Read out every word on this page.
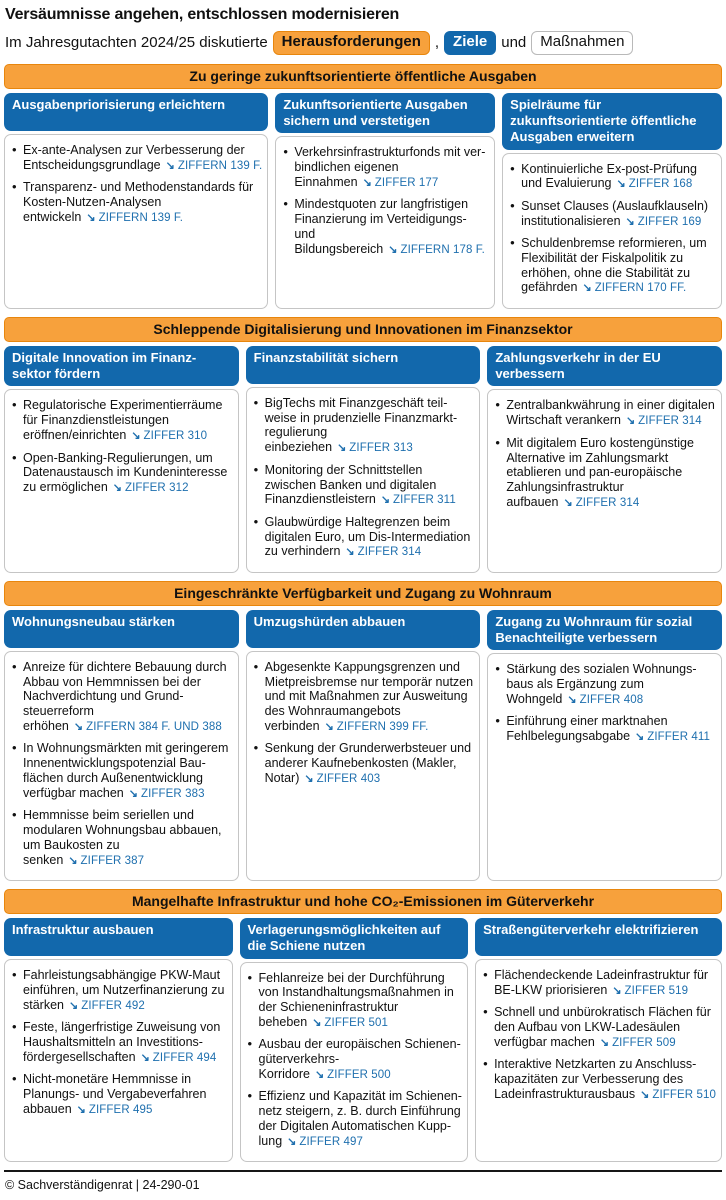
Versäumnisse angehen, entschlossen modernisieren

Im Jahresgutachten 2024/25 diskutierte Herausforderungen , Ziele und Maßnahmen

Zu geringe zukunftsorientierte öffentliche Ausgaben
Ausgabenpriorisierung erleichtern
• Ex-ante-Analysen zur Verbesserung der Entscheidungsgrundlage ↘ ZIFFERN 139 F.
• Transparenz- und Methodenstandards für Kosten-Nutzen-Analysen entwickeln ↘ ZIFFERN 139 F.
Zukunftsorientierte Ausgaben sichern und verstetigen
• Verkehrsinfrastrukturfonds mit verbindlichen eigenen Einnahmen ↘ ZIFFER 177
• Mindestquoten zur langfristigen Finanzierung im Verteidigungs- und Bildungsbereich ↘ ZIFFERN 178 F.
Spielräume für zukunftsorientierte öffentliche Ausgaben erweitern
• Kontinuierliche Ex-post-Prüfung und Evaluierung ↘ ZIFFER 168
• Sunset Clauses (Auslaufklauseln) institutionalisieren ↘ ZIFFER 169
• Schuldenbremse reformieren, um Flexibilität der Fiskalpolitik zu erhöhen, ohne die Stabilität zu gefährden ↘ ZIFFERN 170 FF.
Schleppende Digitalisierung und Innovationen im Finanzsektor
Digitale Innovation im Finanzsektor fördern
• Regulatorische Experimentierräume für Finanzdienstleistungen eröffnen/einrichten ↘ ZIFFER 310
• Open-Banking-Regulierungen, um Datenaustausch im Kundeninteresse zu ermöglichen ↘ ZIFFER 312
Finanzstabilität sichern
• BigTechs mit Finanzgeschäft teilweise in prudenzielle Finanzmarktregulierung einbeziehen ↘ ZIFFER 313
• Monitoring der Schnittstellen zwischen Banken und digitalen Finanzdienstleistern ↘ ZIFFER 311
• Glaubwürdige Haltegrenzen beim digitalen Euro, um Dis-Intermediation zu verhindern ↘ ZIFFER 314
Zahlungsverkehr in der EU verbessern
• Zentralbankwährung in einer digitalen Wirtschaft verankern ↘ ZIFFER 314
• Mit digitalem Euro kostengünstige Alternative im Zahlungsmarkt etablieren und pan-europäische Zahlungsinfrastruktur aufbauen ↘ ZIFFER 314
Eingeschränkte Verfügbarkeit und Zugang zu Wohnraum
Wohnungsneubau stärken
• Anreize für dichtere Bebauung durch Abbau von Hemmnissen bei der Nachverdichtung und Grundsteuerreform erhöhen ↘ ZIFFERN 384 F. UND 388
• In Wohnungsmärkten mit geringerem Innenentwicklungspotenzial Bauflächen durch Außenentwicklung verfügbar machen ↘ ZIFFER 383
• Hemmnisse beim seriellen und modularen Wohnungsbau abbauen, um Baukosten zu senken ↘ ZIFFER 387
Umzugshürden abbauen
• Abgesenkte Kappungsgrenzen und Mietpreisbremse nur temporär nutzen und mit Maßnahmen zur Ausweitung des Wohnraumangebots verbinden ↘ ZIFFERN 399 FF.
• Senkung der Grunderwerbsteuer und anderer Kaufnebenkosten (Makler, Notar) ↘ ZIFFER 403
Zugang zu Wohnraum für sozial Benachteiligte verbessern
• Stärkung des sozialen Wohnungsbaus als Ergänzung zum Wohngeld ↘ ZIFFER 408
• Einführung einer marktnahen Fehlbelegungsabgabe ↘ ZIFFER 411
Mangelhafte Infrastruktur und hohe CO₂-Emissionen im Güterverkehr
Infrastruktur ausbauen
• Fahrleistungsabhängige PKW-Maut einführen, um Nutzerfinanzierung zu stärken ↘ ZIFFER 492
• Feste, längerfristige Zuweisung von Haushaltsmitteln an Investitionsfördergesellschaften ↘ ZIFFER 494
• Nicht-monetäre Hemmnisse in Planungs- und Vergabeverfahren abbauen ↘ ZIFFER 495
Verlagerungsmöglichkeiten auf die Schiene nutzen
• Fehlanreize bei der Durchführung von Instandhaltungsmaßnahmen in der Schieneninfrastruktur beheben ↘ ZIFFER 501
• Ausbau der europäischen Schienengüterverkehrs-Korridore ↘ ZIFFER 500
• Effizienz und Kapazität im Schienennetz steigern, z. B. durch Einführung der Digitalen Automatischen Kupplung ↘ ZIFFER 497
Straßengüterverkehr elektrifizieren
• Flächendeckende Ladeinfrastruktur für BE-LKW priorisieren ↘ ZIFFER 519
• Schnell und unbürokratisch Flächen für den Aufbau von LKW-Ladesäulen verfügbar machen ↘ ZIFFER 509
• Interaktive Netzkarten zu Anschlusskapazitäten zur Verbesserung des Ladeinfrastrukturausbaus ↘ ZIFFER 510
© Sachverständigenrat | 24-290-01
